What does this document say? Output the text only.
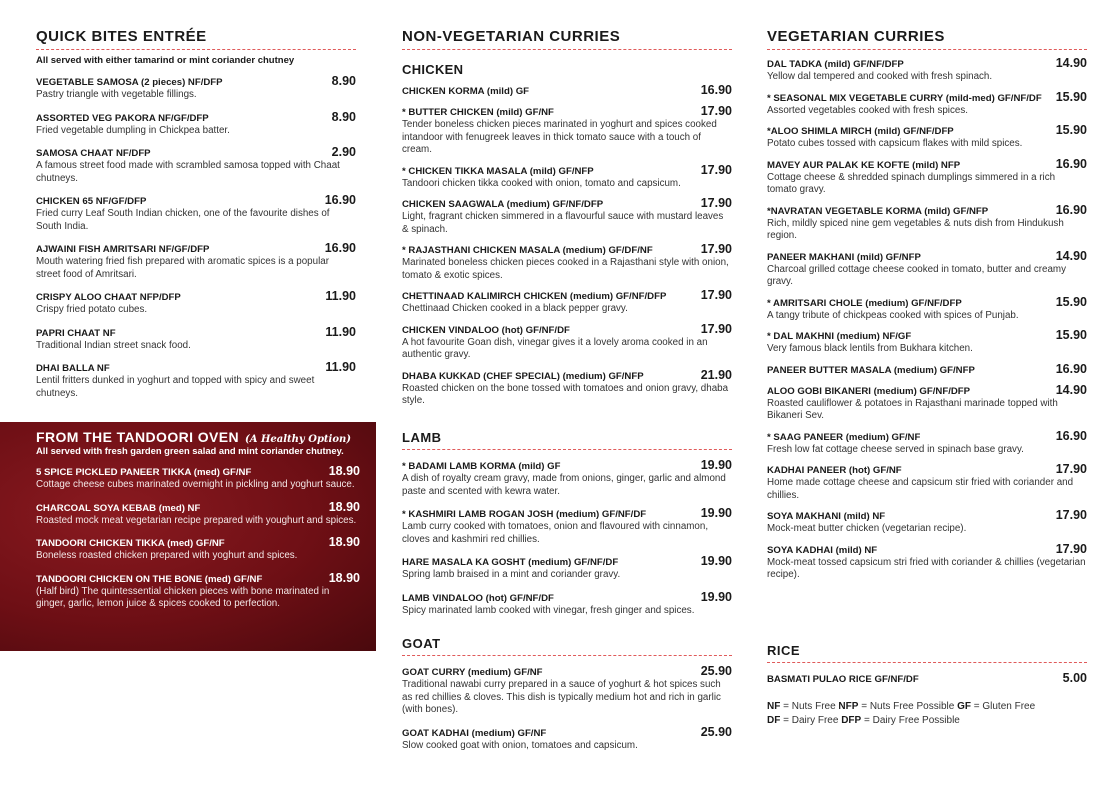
QUICK BITES ENTRÉE
All served with either tamarind or mint coriander chutney
VEGETABLE SAMOSA (2 pieces) NF/DFP	8.90
Pastry triangle with vegetable fillings.
ASSORTED VEG PAKORA NF/GF/DFP	8.90
Fried vegetable dumpling in Chickpea batter.
SAMOSA CHAAT NF/DFP	2.90
A famous street food made with scrambled samosa topped with Chaat chutneys.
CHICKEN 65 NF/GF/DFP	16.90
Fried curry Leaf South Indian chicken, one of the favourite dishes of South India.
AJWAINI FISH AMRITSARI NF/GF/DFP	16.90
Mouth watering fried fish prepared with aromatic spices is a popular street food of Amritsari.
CRISPY ALOO CHAAT NFP/DFP	11.90
Crispy fried potato cubes.
PAPRI CHAAT NF	11.90
Traditional Indian street snack food.
DHAI BALLA NF	11.90
Lentil fritters dunked in yoghurt and topped with spicy and sweet chutneys.
FROM THE TANDOORI OVEN (A Healthy Option)
All served with fresh garden green salad and mint coriander chutney.
5 SPICE PICKLED PANEER TIKKA (med) GF/NF	18.90
Cottage cheese cubes marinated overnight in pickling and yoghurt sauce.
CHARCOAL SOYA KEBAB (med) NF	18.90
Roasted mock meat vegetarian recipe prepared with youghurt and spices.
TANDOORI CHICKEN TIKKA (med) GF/NF	18.90
Boneless roasted chicken prepared with yoghurt and spices.
TANDOORI CHICKEN ON THE BONE (med) GF/NF	18.90
(Half bird) The quintessential chicken pieces with bone marinated in ginger, garlic, lemon juice & spices cooked to perfection.
NON-VEGETARIAN CURRIES
CHICKEN
CHICKEN KORMA (mild) GF	16.90
* BUTTER CHICKEN (mild) GF/NF	17.90
Tender boneless chicken pieces marinated in yoghurt and spices cooked intandoor with fenugreek leaves in thick tomato sauce with a touch of cream.
* CHICKEN TIKKA MASALA (mild) GF/NFP	17.90
Tandoori chicken tikka cooked with onion, tomato and capsicum.
CHICKEN SAAGWALA (medium) GF/NF/DFP	17.90
Light, fragrant chicken simmered in a flavourful sauce with mustard leaves & spinach.
* RAJASTHANI CHICKEN MASALA (medium) GF/DF/NF	17.90
Marinated boneless chicken pieces cooked in a Rajasthani style with onion, tomato & exotic spices.
CHETTINAAD KALIMIRCH CHICKEN (medium) GF/NF/DFP	17.90
Chettinaad Chicken cooked in a black pepper gravy.
CHICKEN VINDALOO (hot) GF/NF/DF	17.90
A hot favourite Goan dish, vinegar gives it a lovely aroma cooked in an authentic gravy.
DHABA KUKKAD (CHEF SPECIAL) (medium) GF/NFP	21.90
Roasted chicken on the bone tossed with tomatoes and onion gravy, dhaba style.
LAMB
* BADAMI LAMB KORMA (mild) GF	19.90
A dish of royalty cream gravy, made from onions, ginger, garlic and almond paste and scented with kewra water.
* KASHMIRI LAMB ROGAN JOSH (medium) GF/NF/DF	19.90
Lamb curry cooked with tomatoes, onion and flavoured with cinnamon, cloves and kashmiri red chillies.
HARE MASALA KA GOSHT (medium) GF/NF/DF	19.90
Spring lamb braised in a mint and coriander gravy.
LAMB VINDALOO (hot) GF/NF/DF	19.90
Spicy marinated lamb cooked with vinegar, fresh ginger and spices.
GOAT
GOAT CURRY (medium) GF/NF	25.90
Traditional nawabi curry prepared in a sauce of yoghurt & hot spices such as red chillies & cloves. This dish is typically medium hot and rich in garlic (with bones).
GOAT KADHAI (medium) GF/NF	25.90
Slow cooked goat with onion, tomatoes and capsicum.
VEGETARIAN CURRIES
DAL TADKA (mild) GF/NF/DFP	14.90
Yellow dal tempered and cooked with fresh spinach.
* SEASONAL MIX VEGETABLE CURRY (mild-med) GF/NF/DF	15.90
Assorted vegetables cooked with fresh spices.
*ALOO SHIMLA MIRCH (mild) GF/NF/DFP	15.90
Potato cubes tossed with capsicum flakes with mild spices.
MAVEY AUR PALAK KE KOFTE (mild) NFP	16.90
Cottage cheese & shredded spinach dumplings simmered in a rich tomato gravy.
*NAVRATAN VEGETABLE KORMA (mild) GF/NFP	16.90
Rich, mildly spiced nine gem vegetables & nuts dish from Hindukush region.
PANEER MAKHANI (mild) GF/NFP	14.90
Charcoal grilled cottage cheese cooked in tomato, butter and creamy gravy.
* AMRITSARI CHOLE (medium) GF/NF/DFP	15.90
A tangy tribute of chickpeas cooked with spices of Punjab.
* DAL MAKHNI (medium) NF/GF	15.90
Very famous black lentils from Bukhara kitchen.
PANEER BUTTER MASALA (medium) GF/NFP	16.90
ALOO GOBI BIKANERI (medium) GF/NF/DFP	14.90
Roasted cauliflower & potatoes in Rajasthani marinade topped with Bikaneri Sev.
* SAAG PANEER (medium) GF/NF	16.90
Fresh low fat cottage cheese served in spinach base gravy.
KADHAI PANEER (hot) GF/NF	17.90
Home made cottage cheese and capsicum stir fried with coriander and chillies.
SOYA MAKHANI (mild) NF	17.90
Mock-meat butter chicken (vegetarian recipe).
SOYA KADHAI (mild) NF	17.90
Mock-meat tossed capsicum stri fried with coriander & chillies (vegetarian recipe).
RICE
BASMATI PULAO RICE GF/NF/DF	5.00
NF = Nuts Free NFP = Nuts Free Possible GF = Gluten Free
DF = Dairy Free DFP = Dairy Free Possible
